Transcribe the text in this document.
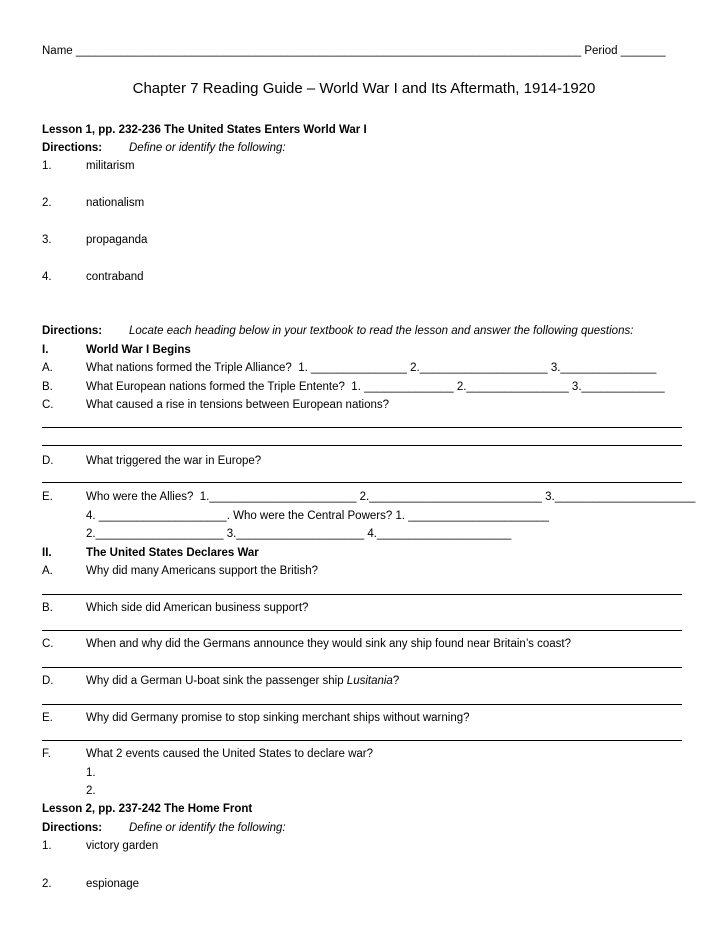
Name _______________________________________________________________________________ Period _______
Chapter 7 Reading Guide – World War I and Its Aftermath, 1914-1920
Lesson 1, pp. 232-236 The United States Enters World War I
Directions: Define or identify the following:
1.	militarism
2.	nationalism
3.	propaganda
4.	contraband
Directions: Locate each heading below in your textbook to read the lesson and answer the following questions:
I.	World War I Begins
A.	What nations formed the Triple Alliance?  1. _______________ 2.____________________ 3._______________
B.	What European nations formed the Triple Entente?  1. ______________ 2.________________ 3._____________
C.	What caused a rise in tensions between European nations?
D.	What triggered the war in Europe?
E.	Who were the Allies?  1._______________________ 2.___________________________ 3.______________________
4. ____________________. Who were the Central Powers? 1. ______________________
2.____________________ 3.____________________ 4._____________________
II.	The United States Declares War
A.	Why did many Americans support the British?
B.	Which side did American business support?
C.	When and why did the Germans announce they would sink any ship found near Britain’s coast?
D.	Why did a German U-boat sink the passenger ship Lusitania?
E.	Why did Germany promise to stop sinking merchant ships without warning?
F.	What 2 events caused the United States to declare war?
1.
2.
Lesson 2, pp. 237-242 The Home Front
Directions: Define or identify the following:
1.	victory garden
2.	espionage
